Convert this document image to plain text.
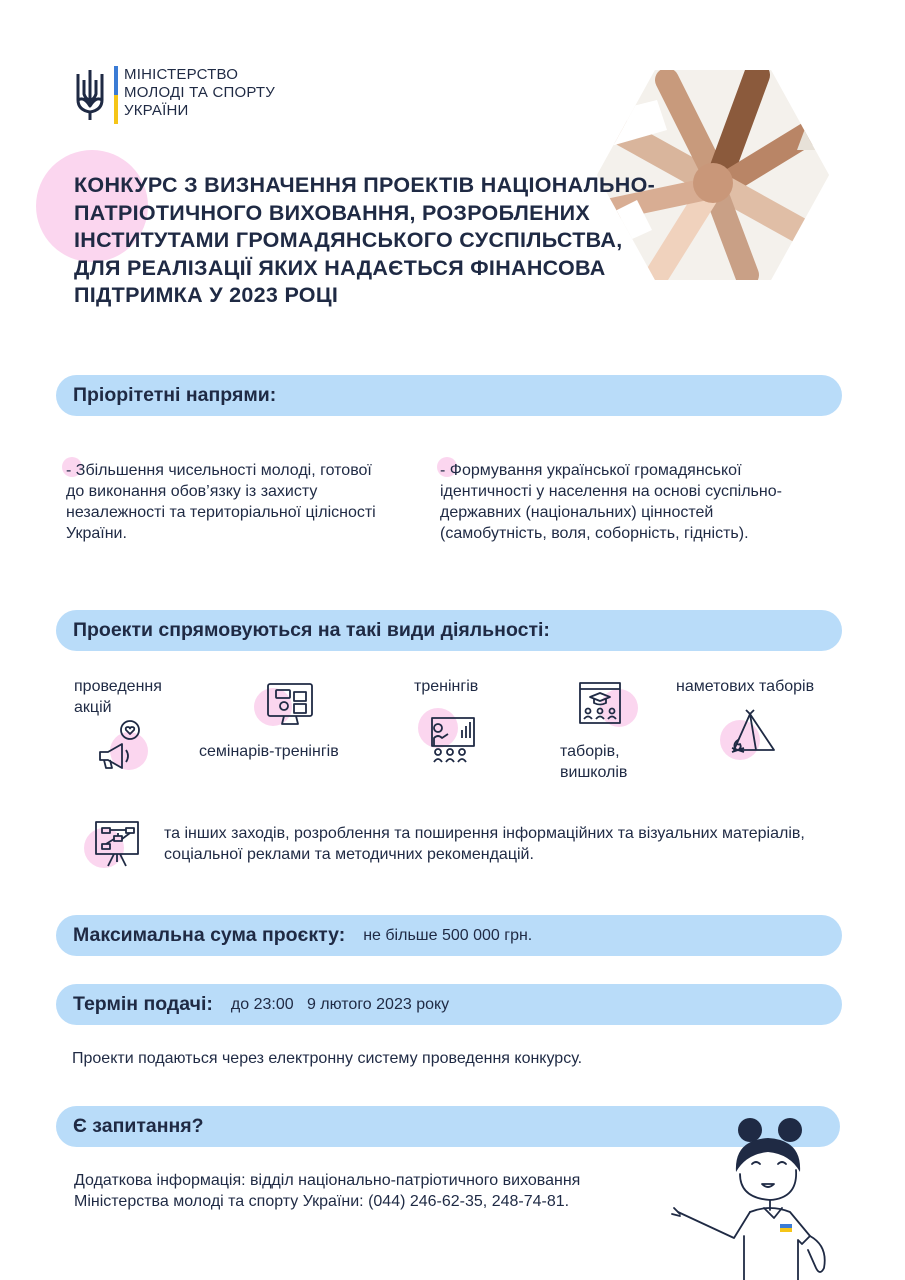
МІНІСТЕРСТВО МОЛОДІ ТА СПОРТУ УКРАЇНИ
КОНКУРС З ВИЗНАЧЕННЯ ПРОЕКТІВ НАЦІОНАЛЬНО-ПАТРІОТИЧНОГО ВИХОВАННЯ, РОЗРОБЛЕНИХ ІНСТИТУТАМИ ГРОМАДЯНСЬКОГО СУСПІЛЬСТВА, ДЛЯ РЕАЛІЗАЦІЇ ЯКИХ НАДАЄТЬСЯ ФІНАНСОВА ПІДТРИМКА У 2023 РОЦІ
Пріорітетні напрями:
- Збільшення чисельності молоді, готової до виконання обов’язку із захисту незалежності та територіальної цілісності України.
- Формування української громадянської ідентичності у населення на основі суспільно-державних (національних) цінностей (самобутність, воля, соборність, гідність).
Проекти спрямовуються на такі види діяльності:
проведення акцій
семінарів-тренінгів
тренінгів
таборів, вишколів
наметових таборів
та інших заходів, розроблення та поширення інформаційних та візуальних матеріалів, соціальної реклами та методичних рекомендацій.
Максимальна сума проєкту: не більше 500 000 грн.
Термін подачі: до 23:00   9 лютого 2023 року
Проекти подаються через електронну систему проведення конкурсу.
Є запитання?
Додаткова інформація: відділ національно-патріотичного виховання
Міністерства молоді та спорту України: (044) 246-62-35, 248-74-81.
